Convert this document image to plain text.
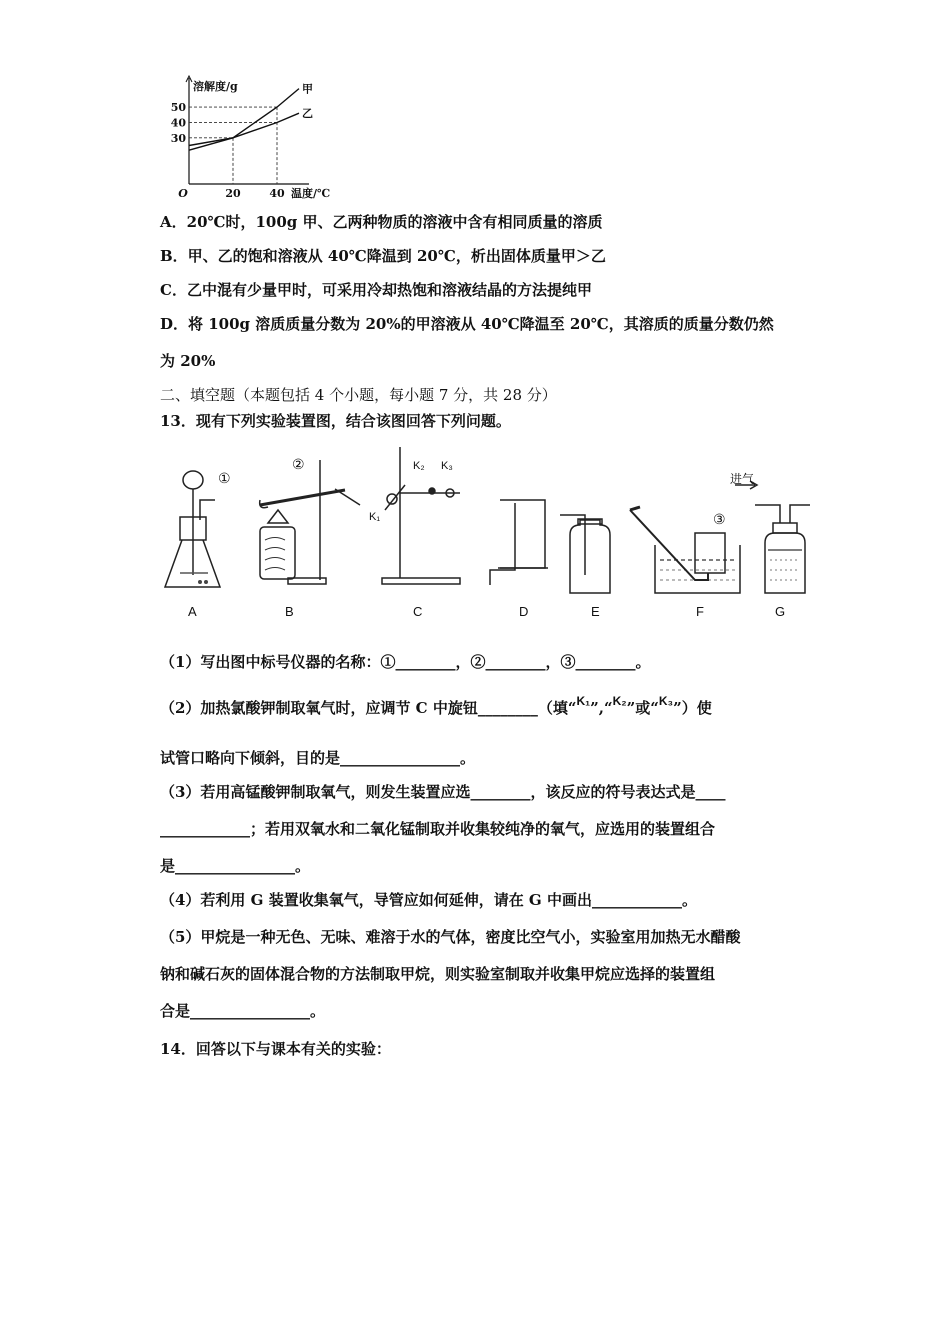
30
40
50
20	40
O
溶解度/g
温度/℃
甲
乙
A．20℃时，100g 甲、乙两种物质的溶液中含有相同质量的溶质
B．甲、乙的饱和溶液从 40℃降温到 20℃，析出固体质量甲＞乙
C．乙中混有少量甲时，可采用冷却热饱和溶液结晶的方法提纯甲
D．将 100g 溶质质量分数为 20%的甲溶液从 40℃降温至 20℃，其溶质的质量分数仍然
为 20%
二、填空题（本题包括 4 个小题，每小题 7 分，共 28 分）
13．现有下列实验装置图，结合该图回答下列问题。
A	B	C	D	E	F	G
①
②
③
K₁
K₂ K₃
进气
（1）写出图中标号仪器的名称：①________，②________，③________。
（2）加热氯酸钾制取氧气时，应调节 C 中旋钮________（填“$^{K_1}$”,“$^{K_2}$”或“$^{K_3}$”）使
试管口略向下倾斜，目的是________________。
（3）若用高锰酸钾制取氧气，则发生装置应选________，该反应的符号表达式是____
____________；若用双氧水和二氧化锰制取并收集较纯净的氧气，应选用的装置组合
是________________。
（4）若利用 G 装置收集氧气，导管应如何延伸，请在 G 中画出____________。
（5）甲烷是一种无色、无味、难溶于水的气体，密度比空气小，实验室用加热无水醋酸
钠和碱石灰的固体混合物的方法制取甲烷，则实验室制取并收集甲烷应选择的装置组
合是________________。
14．回答以下与课本有关的实验：
